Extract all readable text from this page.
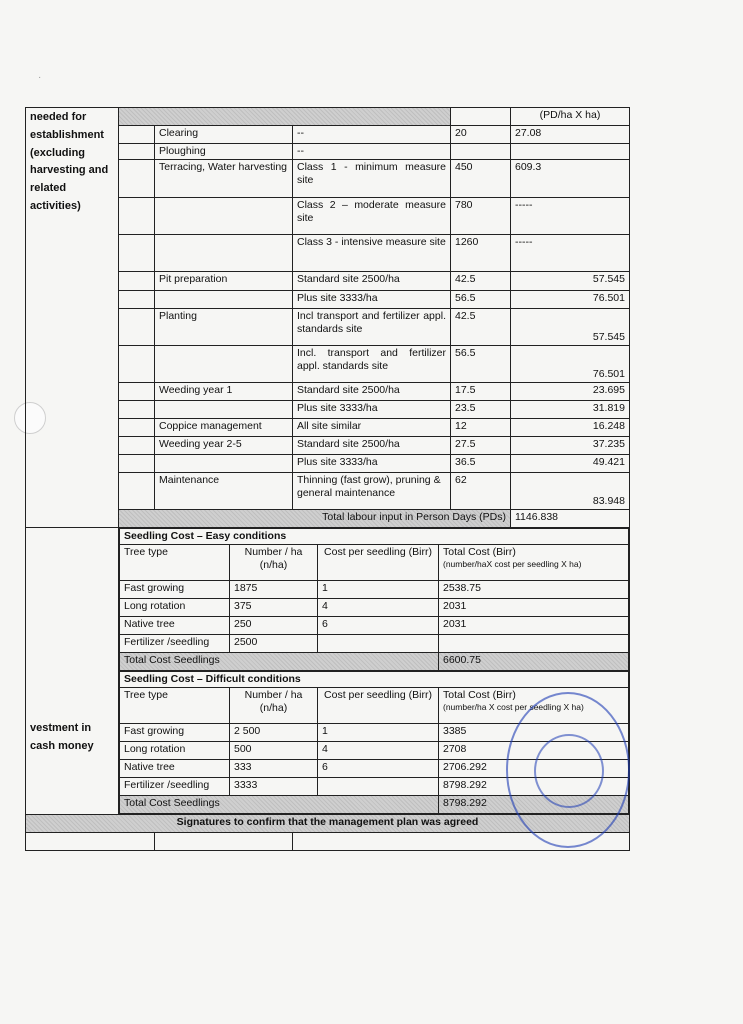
·
needed for establishment (excluding harvesting and related activities)			(PD/ha X ha)
	Clearing	--	20	27.08
	Ploughing	--		
	Terracing, Water harvesting	Class 1 - minimum measure site	450	609.3
		Class 2 – moderate measure site	780	-----
		Class 3 - intensive measure site	1260	-----
	Pit preparation	Standard site 2500/ha	42.5	57.545
		Plus site 3333/ha	56.5	76.501
	Planting	Incl transport and fertilizer appl. standards site	42.5	57.545
		Incl. transport and fertilizer appl. standards site	56.5	76.501
	Weeding year 1	Standard site 2500/ha	17.5	23.695
		Plus site 3333/ha	23.5	31.819
	Coppice management	All site similar	12	16.248
	Weeding year 2-5	Standard site 2500/ha	27.5	37.235
		Plus site 3333/ha	36.5	49.421
	Maintenance	Thinning (fast grow), pruning & general maintenance	62	83.948
Total labour input in Person Days (PDs)	1146.838
vestment in cash money	
Seedling Cost – Easy conditions
Tree type	Number / ha (n/ha)	Cost per seedling (Birr)	Total Cost (Birr)
(number/haX cost per seedling X ha)

Fast growing	1875	1	2538.75
Long rotation	375	4	2031
Native tree	250	6	2031
Fertilizer /seedling	2500		
Total Cost Seedlings	6600.75
Seedling Cost – Difficult conditions
Tree type	Number / ha (n/ha)	Cost per seedling (Birr)	Total Cost (Birr)
(number/ha X cost per seedling X ha)

Fast growing	2 500	1	3385
Long rotation	500	4	2708
Native tree	333	6	2706.292
Fertilizer /seedling	3333		8798.292
Total Cost Seedlings	8798.292

Signatures to confirm that the management plan was agreed
